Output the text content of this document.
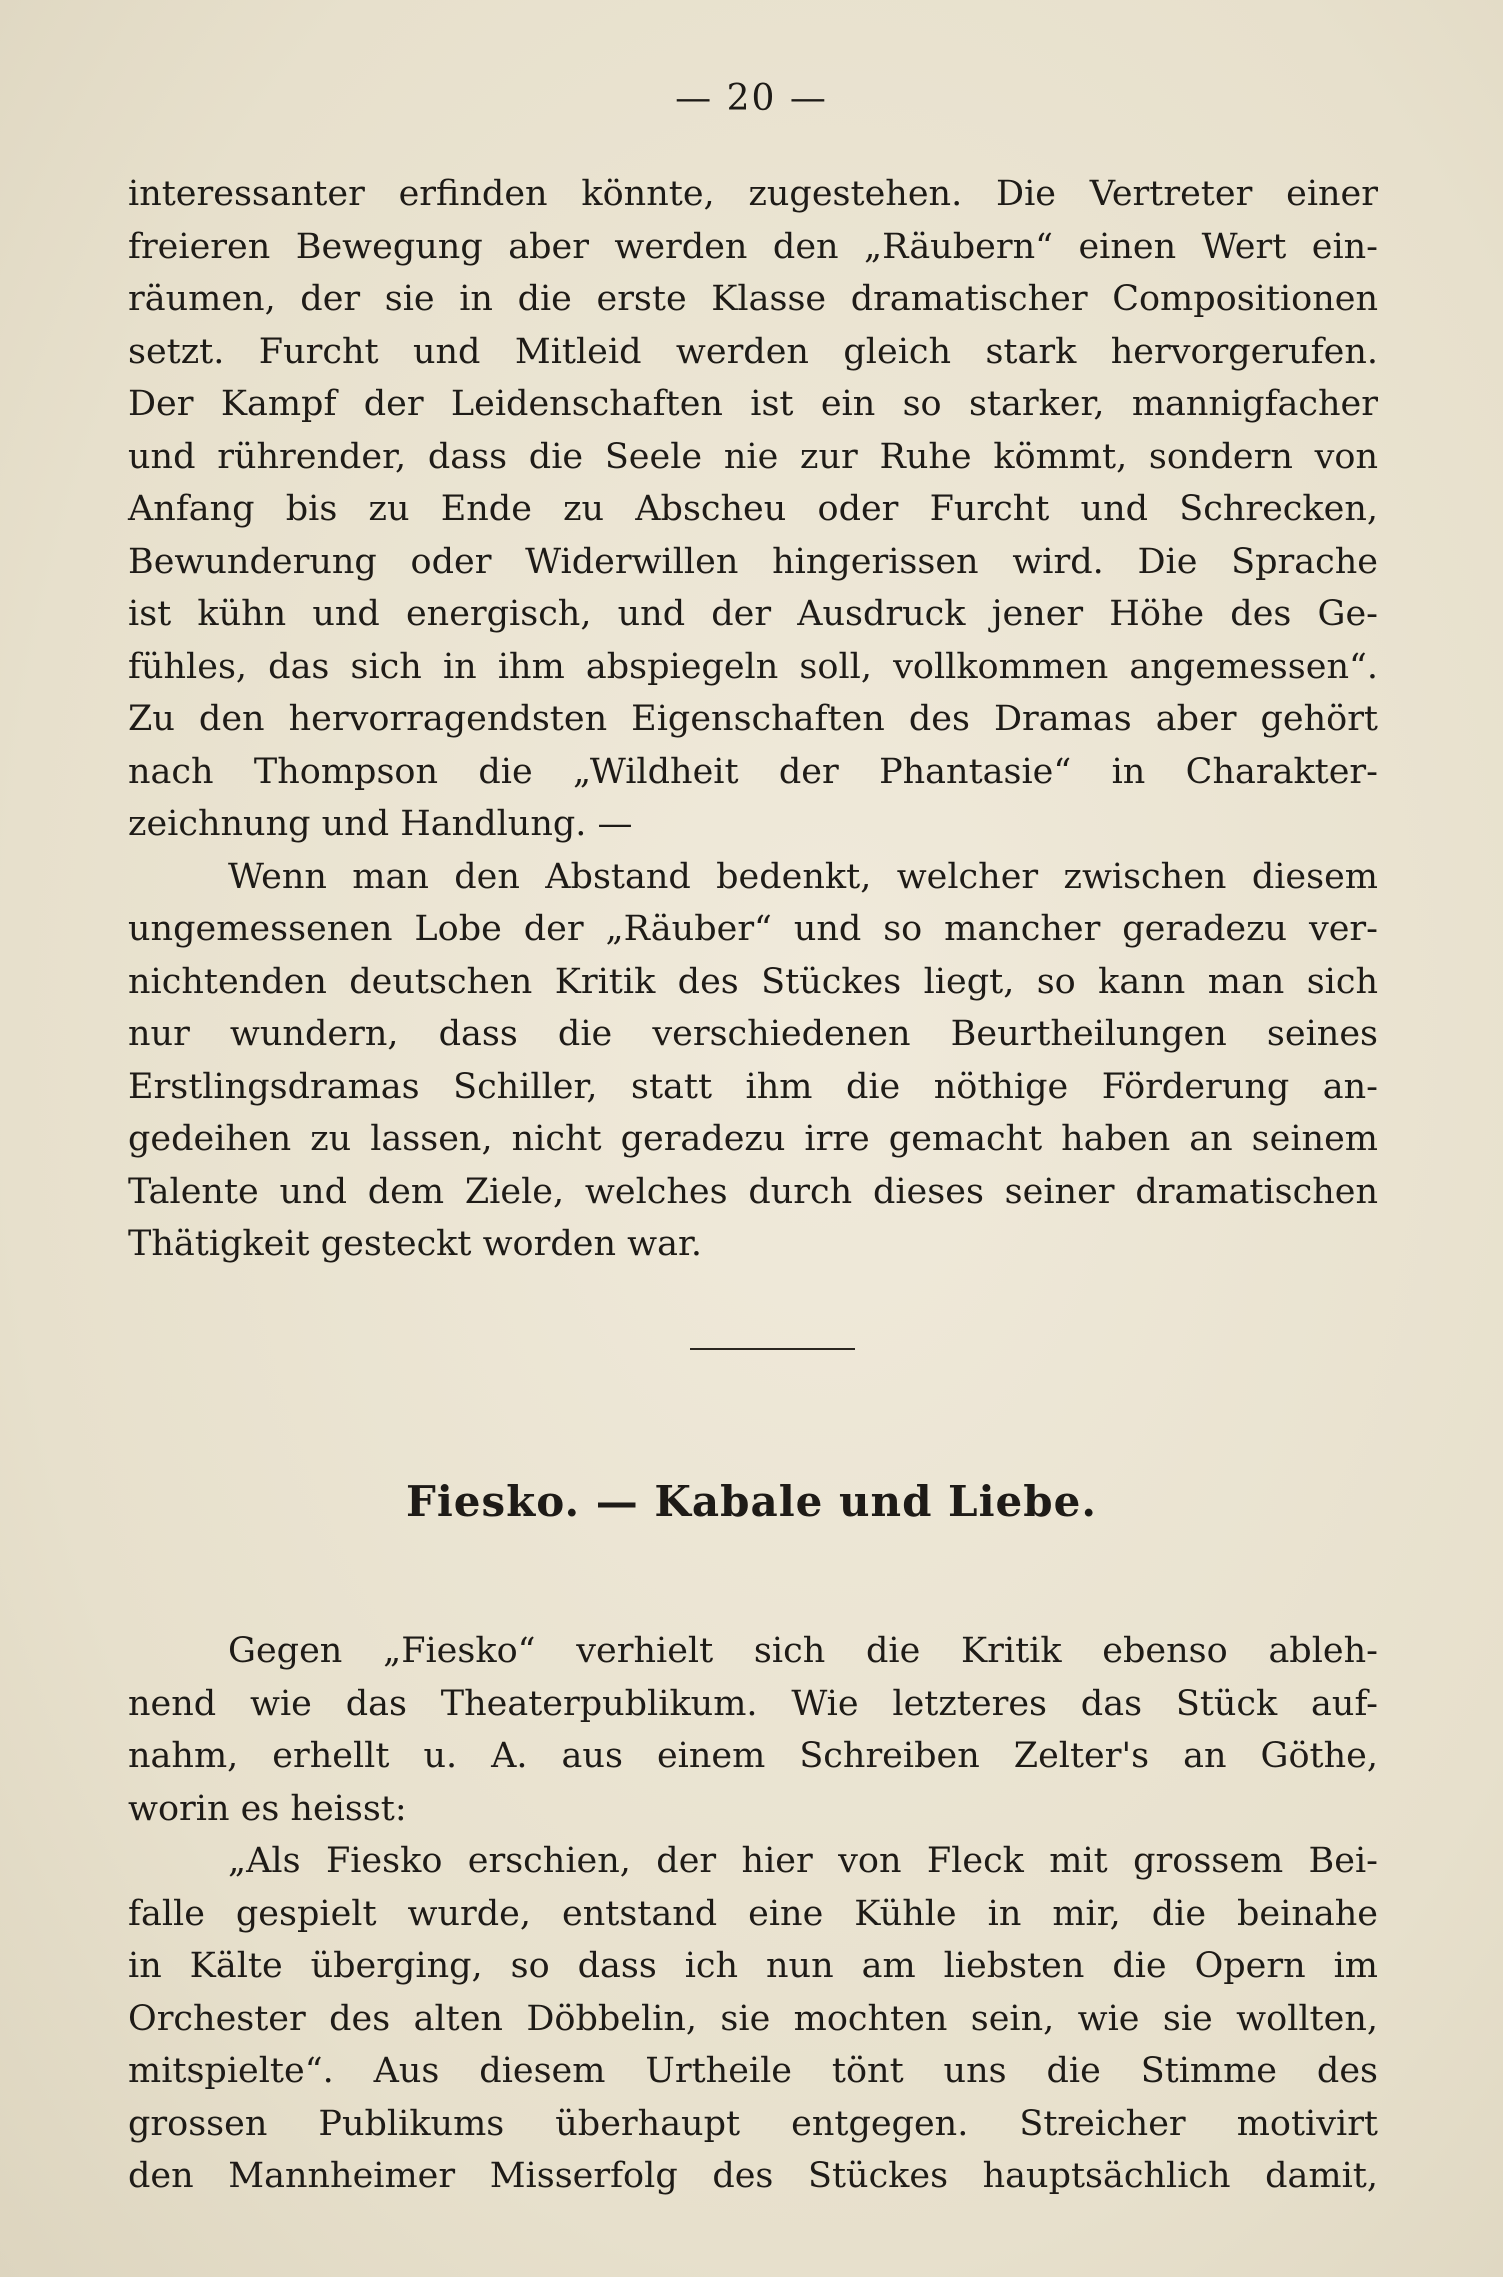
— 20 —

interessanter erfinden könnte, zugestehen. Die Vertreter einer
freieren Bewegung aber werden den „Räubern“ einen Wert ein-
räumen, der sie in die erste Klasse dramatischer Compositionen
setzt. Furcht und Mitleid werden gleich stark hervorgerufen.
Der Kampf der Leidenschaften ist ein so starker, mannigfacher
und rührender, dass die Seele nie zur Ruhe kömmt, sondern von
Anfang bis zu Ende zu Abscheu oder Furcht und Schrecken,
Bewunderung oder Widerwillen hingerissen wird. Die Sprache
ist kühn und energisch, und der Ausdruck jener Höhe des Ge-
fühles, das sich in ihm abspiegeln soll, vollkommen angemessen“.
Zu den hervorragendsten Eigenschaften des Dramas aber gehört
nach Thompson die „Wildheit der Phantasie“ in Charakter-
zeichnung und Handlung. —

Wenn man den Abstand bedenkt, welcher zwischen diesem
ungemessenen Lobe der „Räuber“ und so mancher geradezu ver-
nichtenden deutschen Kritik des Stückes liegt, so kann man sich
nur wundern, dass die verschiedenen Beurtheilungen seines
Erstlingsdramas Schiller, statt ihm die nöthige Förderung an-
gedeihen zu lassen, nicht geradezu irre gemacht haben an seinem
Talente und dem Ziele, welches durch dieses seiner dramatischen
Thätigkeit gesteckt worden war.

Fiesko. — Kabale und Liebe.

Gegen „Fiesko“ verhielt sich die Kritik ebenso ableh-
nend wie das Theaterpublikum. Wie letzteres das Stück auf-
nahm, erhellt u. A. aus einem Schreiben Zelter's an Göthe,
worin es heisst:

„Als Fiesko erschien, der hier von Fleck mit grossem Bei-
falle gespielt wurde, entstand eine Kühle in mir, die beinahe
in Kälte überging, so dass ich nun am liebsten die Opern im
Orchester des alten Döbbelin, sie mochten sein, wie sie wollten,
mitspielte“. Aus diesem Urtheile tönt uns die Stimme des
grossen Publikums überhaupt entgegen. Streicher motivirt
den Mannheimer Misserfolg des Stückes hauptsächlich damit,
